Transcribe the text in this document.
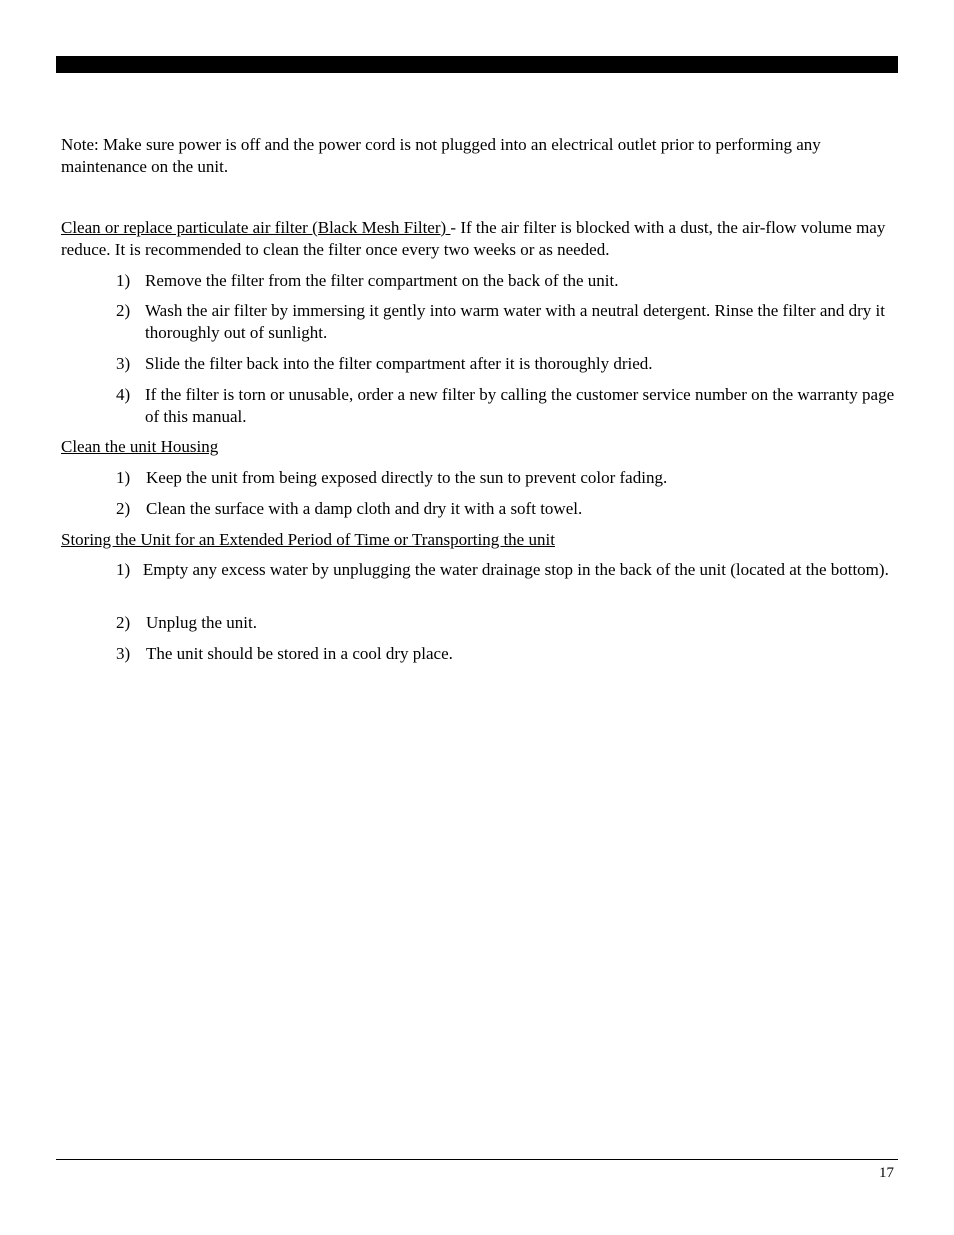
Note: Make sure power is off and the power cord is not plugged into an electrical outlet prior to performing any maintenance on the unit.

Clean or replace particulate air filter (Black Mesh Filter) - If the air filter is blocked with a dust, the air-flow volume may reduce. It is recommended to clean the filter once every two weeks or as needed.

1) Remove the filter from the filter compartment on the back of the unit.
2) Wash the air filter by immersing it gently into warm water with a neutral detergent. Rinse the filter and dry it thoroughly out of sunlight.
3) Slide the filter back into the filter compartment after it is thoroughly dried.
4) If the filter is torn or unusable, order a new filter by calling the customer service number on the warranty page of this manual.

Clean the unit Housing

1) Keep the unit from being exposed directly to the sun to prevent color fading.
2) Clean the surface with a damp cloth and dry it with a soft towel.

Storing the Unit for an Extended Period of Time or Transporting the unit

1) Empty any excess water by unplugging the water drainage stop in the back of the unit (located at the bottom).
2) Unplug the unit.
3) The unit should be stored in a cool dry place.
17
